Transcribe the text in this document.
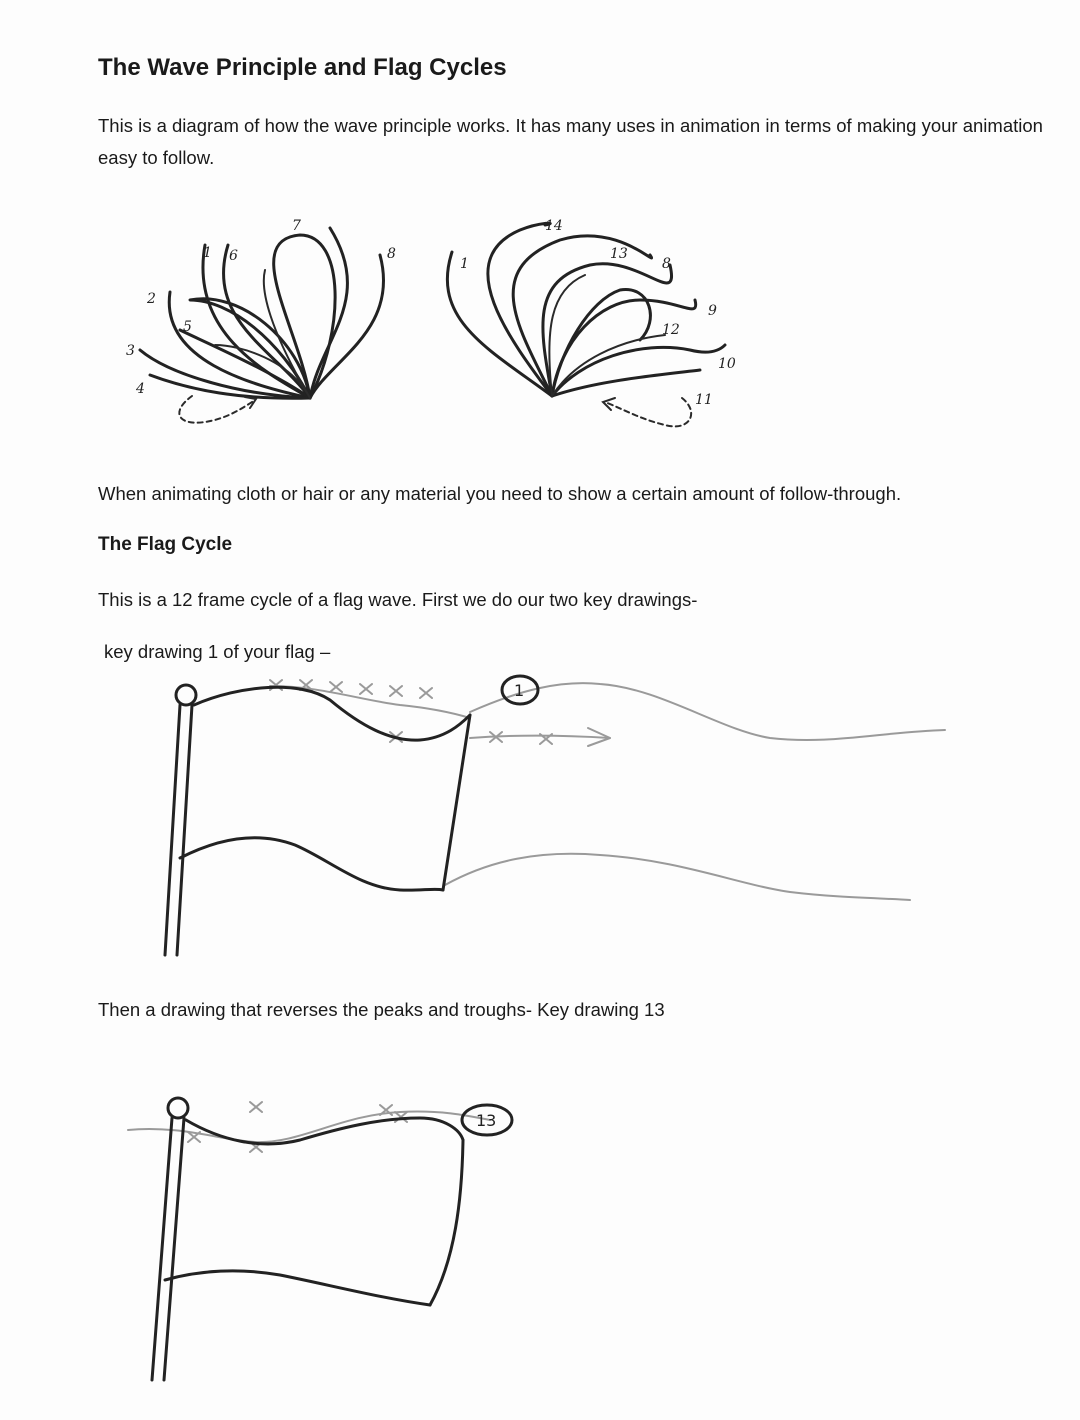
The Wave Principle and Flag Cycles

This is a diagram of how the wave principle works. It has many uses in animation in terms of making your animation easy to follow.

1
2
3
4
5
6
7
8
1	8
9
10
11
12
13
14

When animating cloth or hair or any material you need to show a certain amount of follow-through.

The Flag Cycle

This is a 12 frame cycle of a flag wave. First we do our two key drawings-

key drawing 1 of your flag –

1

Then a drawing that reverses the peaks and troughs- Key drawing 13

13
